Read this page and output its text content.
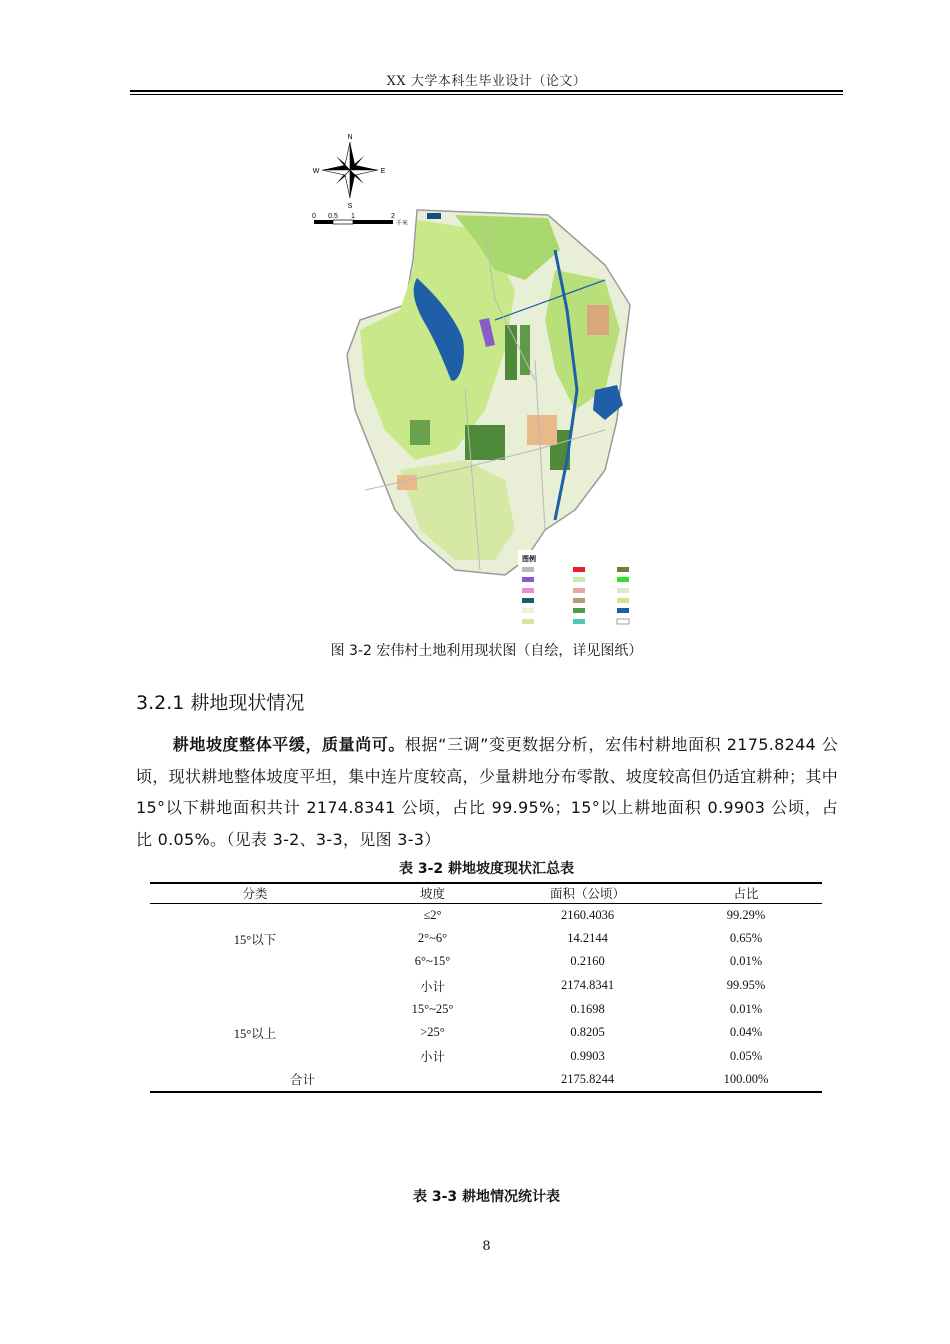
XX 大学本科生毕业设计（论文）
N
S
E
W
0 0.5 1	2
千米
图例
图 3-2 宏伟村土地利用现状图（自绘，详见图纸）
3.2.1 耕地现状情况
耕地坡度整体平缓，质量尚可。根据“三调”变更数据分析，宏伟村耕地面积 2175.8244 公顷，现状耕地整体坡度平坦，集中连片度较高，少量耕地分布零散、坡度较高但仍适宜耕种；其中 15°以下耕地面积共计 2174.8341 公顷，占比 99.95%；15°以上耕地面积 0.9903 公顷，占比 0.05%。（见表 3-2、3-3，见图 3-3）
表 3-2 耕地坡度现状汇总表
分类	坡度	面积（公顷）	占比
15°以下	≤2°	2160.4036	99.29%
	2°~6°	14.2144	0.65%
	6°~15°	0.2160	0.01%
	小计	2174.8341	99.95%
15°以上	15°~25°	0.1698	0.01%
	>25°	0.8205	0.04%
	小计	0.9903	0.05%
合计		2175.8244	100.00%
表 3-3 耕地情况统计表
8
